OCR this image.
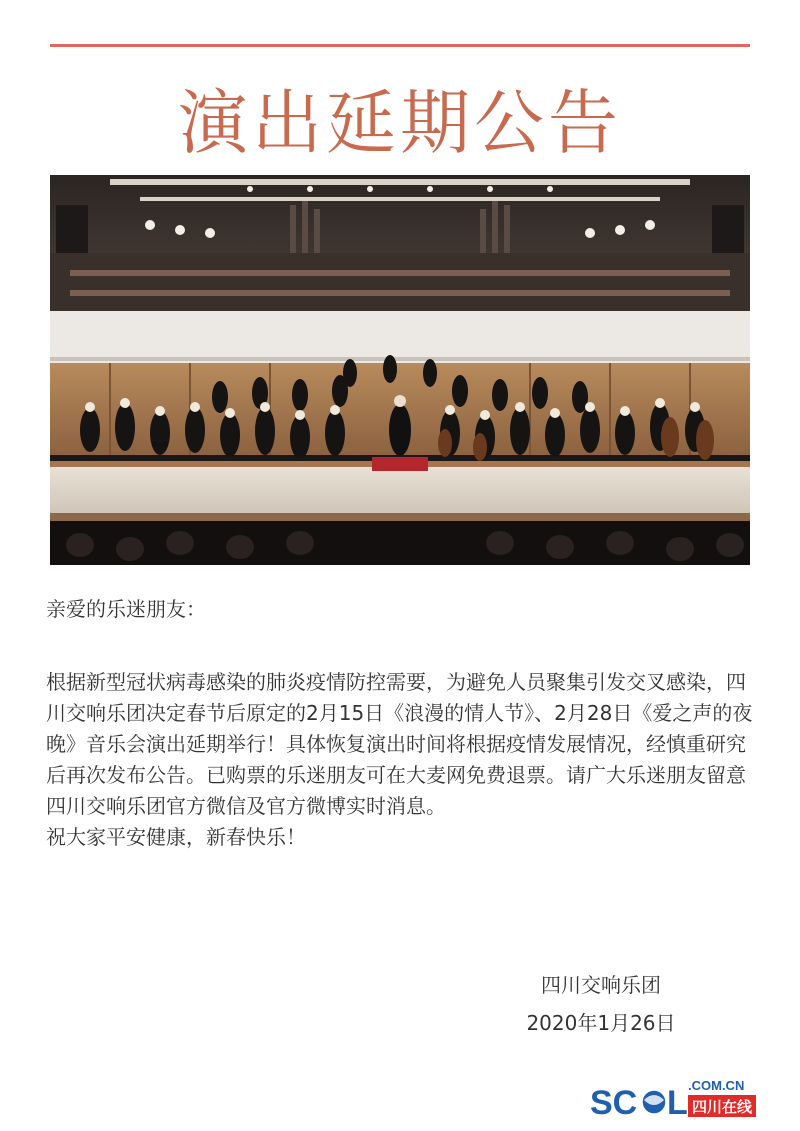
演出延期公告
亲爱的乐迷朋友：

根据新型冠状病毒感染的肺炎疫情防控需要，为避免人员聚集引发交叉感染，四川交响乐团决定春节后原定的2月15日《浪漫的情人节》、2月28日《爱之声的夜晚》音乐会演出延期举行！具体恢复演出时间将根据疫情发展情况，经慎重研究后再次发布公告。已购票的乐迷朋友可在大麦网免费退票。请广大乐迷朋友留意四川交响乐团官方微信及官方微博实时消息。

祝大家平安健康，新春快乐！

四川交响乐团
2020年1月26日
SC L .COM.CN
四川在线
